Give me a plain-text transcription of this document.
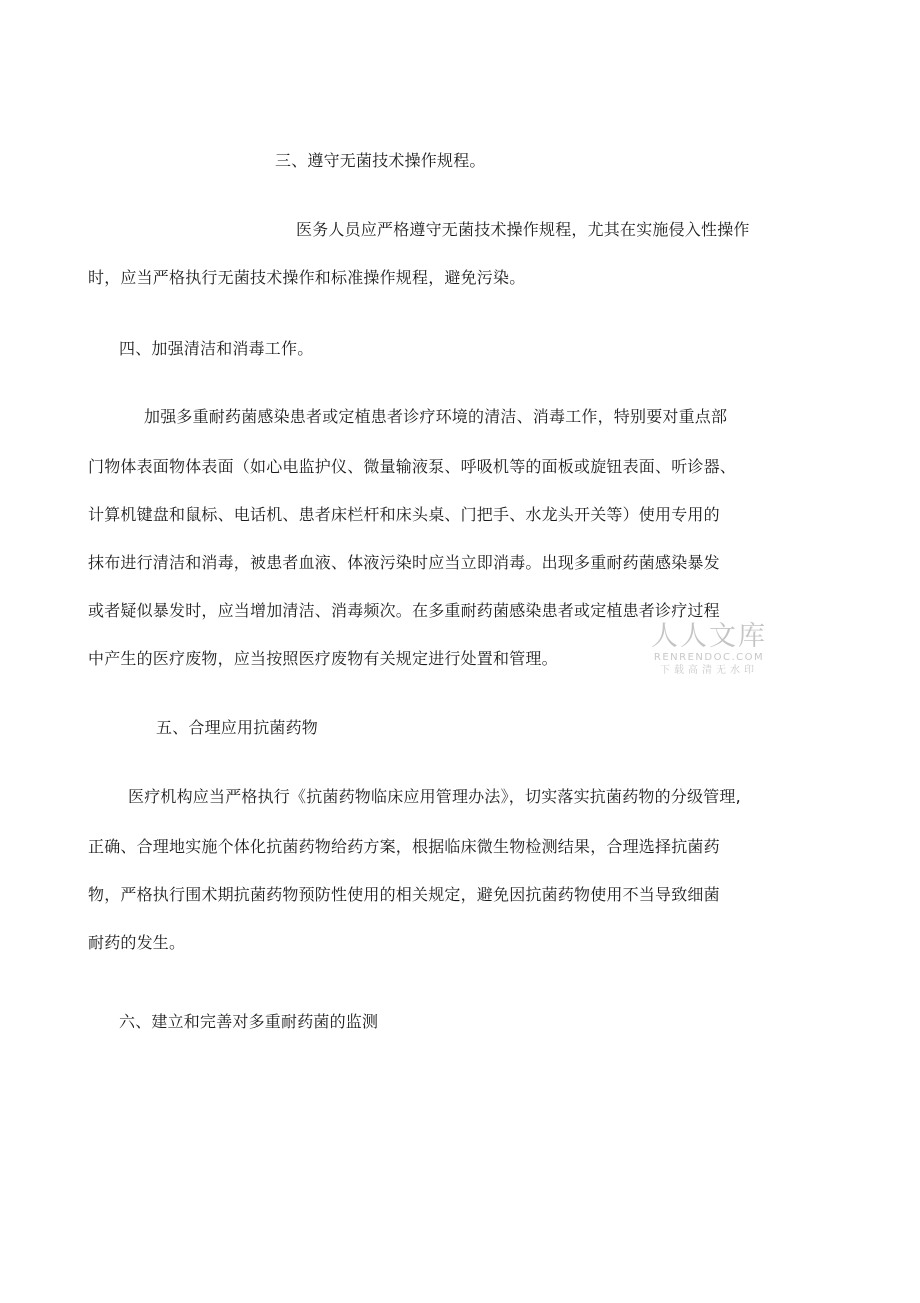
三、遵守无菌技术操作规程。
医务人员应严格遵守无菌技术操作规程，尤其在实施侵入性操作
时，应当严格执行无菌技术操作和标准操作规程，避免污染。
四、加强清洁和消毒工作。
加强多重耐药菌感染患者或定植患者诊疗环境的清洁、消毒工作，特别要对重点部
门物体表面物体表面（如心电监护仪、微量输液泵、呼吸机等的面板或旋钮表面、听诊器、
计算机键盘和鼠标、电话机、患者床栏杆和床头桌、门把手、水龙头开关等）使用专用的
抹布进行清洁和消毒，被患者血液、体液污染时应当立即消毒。出现多重耐药菌感染暴发
或者疑似暴发时，应当增加清洁、消毒频次。在多重耐药菌感染患者或定植患者诊疗过程
中产生的医疗废物，应当按照医疗废物有关规定进行处置和管理。
五、合理应用抗菌药物
医疗机构应当严格执行《抗菌药物临床应用管理办法》，切实落实抗菌药物的分级管理,
正确、合理地实施个体化抗菌药物给药方案，根据临床微生物检测结果，合理选择抗菌药
物，严格执行围术期抗菌药物预防性使用的相关规定，避免因抗菌药物使用不当导致细菌
耐药的发生。
六、建立和完善对多重耐药菌的监测
人人文库
RENRENDOC.COM
下载高清无水印
